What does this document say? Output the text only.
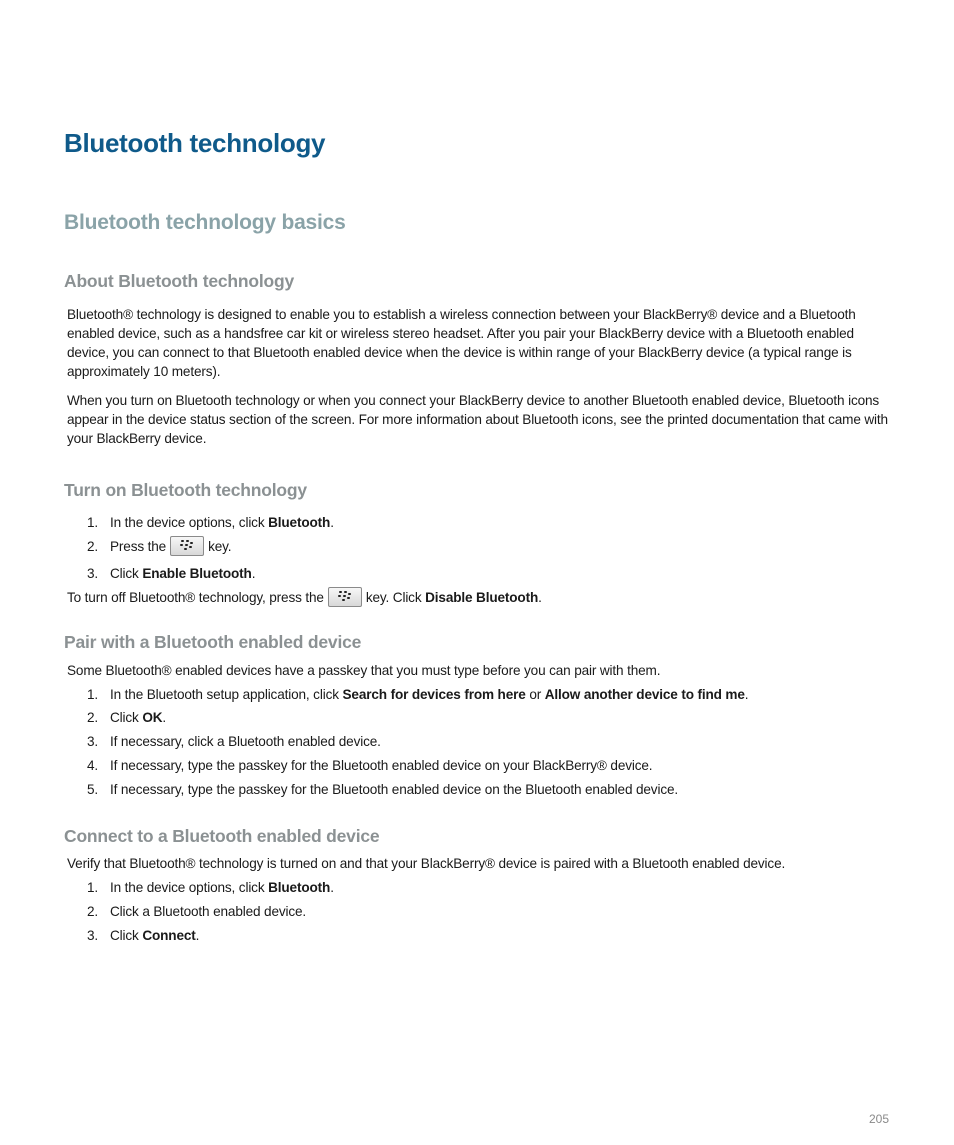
Bluetooth technology
Bluetooth technology basics
About Bluetooth technology

Bluetooth® technology is designed to enable you to establish a wireless connection between your BlackBerry® device and a Bluetooth enabled device, such as a handsfree car kit or wireless stereo headset. After you pair your BlackBerry device with a Bluetooth enabled device, you can connect to that Bluetooth enabled device when the device is within range of your BlackBerry device (a typical range is approximately 10 meters).

When you turn on Bluetooth technology or when you connect your BlackBerry device to another Bluetooth enabled device, Bluetooth icons appear in the device status section of the screen. For more information about Bluetooth icons, see the printed documentation that came with your BlackBerry device.

Turn on Bluetooth technology

1. In the device options, click Bluetooth.

2. Press the	key.

3. Click Enable Bluetooth.

To turn off Bluetooth® technology, press the	key. Click Disable Bluetooth.

Pair with a Bluetooth enabled device

Some Bluetooth® enabled devices have a passkey that you must type before you can pair with them.

1. In the Bluetooth setup application, click Search for devices from here or Allow another device to find me.

2. Click OK.

3. If necessary, click a Bluetooth enabled device.

4. If necessary, type the passkey for the Bluetooth enabled device on your BlackBerry® device.

5. If necessary, type the passkey for the Bluetooth enabled device on the Bluetooth enabled device.

Connect to a Bluetooth enabled device

Verify that Bluetooth® technology is turned on and that your BlackBerry® device is paired with a Bluetooth enabled device.

1. In the device options, click Bluetooth.

2. Click a Bluetooth enabled device.

3. Click Connect.

205
